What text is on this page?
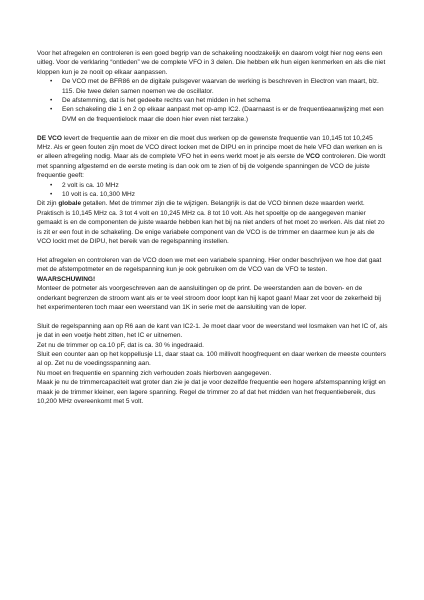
Voor het afregelen en controleren is een goed begrip van de schakeling noodzakelijk en daarom volgt hier nog eens een uitleg. Voor de verklaring “ontleden” we de complete VFO in 3 delen. Die hebben elk hun eigen kenmerken en als die niet kloppen kun je ze nooit op elkaar aanpassen.

• De VCO met de BFR86 en de digitale pulsgever waarvan de werking is beschreven in Electron van maart, blz. 115. Die twee delen samen noemen we de oscillator.
• De afstemming, dat is het gedeelte rechts van het midden in het schema
• Een schakeling die 1 en 2 op elkaar aanpast met op-amp IC2. (Daarnaast is er de frequentieaanwijzing met een DVM en de frequentielock maar die doen hier even niet terzake.)

DE VCO levert de frequentie aan de mixer en die moet dus werken op de gewenste frequentie van 10,145 tot 10,245 MHz. Als er geen fouten zijn moet de VCO direct locken met de DIPU en in principe moet de hele VFO dan werken en is er alleen afregeling nodig. Maar als de complete VFO het in eens werkt moet je als eerste de VCO controleren. Die wordt met spanning afgestemd en de eerste meting is dan ook om te zien of bij de volgende spanningen de VCO de juiste frequentie geeft:

• 2 volt is ca. 10 MHz
• 10 volt is ca. 10,300 MHz

Dit zijn globale getallen. Met de trimmer zijn die te wijzigen. Belangrijk is dat de VCO binnen deze waarden werkt. Praktisch is 10,145 MHz ca. 3 tot 4 volt en 10,245 MHz ca. 8 tot 10 volt. Als het spoeltje op de aangegeven manier gemaakt is en de componenten de juiste waarde hebben kan het bij na niet anders of het moet zo werken. Als dat niet zo is zit er een fout in de schakeling. De enige variabele component van de VCO is de trimmer en daarmee kun je als de VCO lockt met de DIPU, het bereik van de regelspanning instellen.

Het afregelen en controleren van de VCO doen we met een variabele spanning. Hier onder beschrijven we hoe dat gaat met de afstempotmeter en de regelspanning kun je ook gebruiken om de VCO van de VFO te testen.

WAARSCHUWING!

Monteer de potmeter als voorgeschreven aan de aansluitingen op de print. De weerstanden aan de boven- en de onderkant begrenzen de stroom want als er te veel stroom door loopt kan hij kapot gaan! Maar zet voor de zekerheid bij het experimenteren toch maar een weerstand van 1K in serie met de aansluiting van de loper.

Sluit de regelspanning aan op R6 aan de kant van IC2-1. Je moet daar voor de weerstand wel losmaken van het IC of, als je dat in een voetje hebt zitten, het IC er uitnemen.
Zet nu de trimmer op ca.10 pF, dat is ca. 30 % ingedraaid.
Sluit een counter aan op het koppellusje L1, daar staat ca. 100 millivolt hoogfrequent en daar werken de meeste counters al op. Zet nu de voedingsspanning aan.
Nu moet en frequentie en spanning zich verhouden zoals hierboven aangegeven.
Maak je nu de trimmercapaciteit wat groter dan zie je dat je voor dezelfde frequentie een hogere afstemspanning krijgt en maak je de trimmer kleiner, een lagere spanning. Regel de trimmer zo af dat het midden van het frequentiebereik, dus 10,200 MHz overeenkomt met 5 volt.
